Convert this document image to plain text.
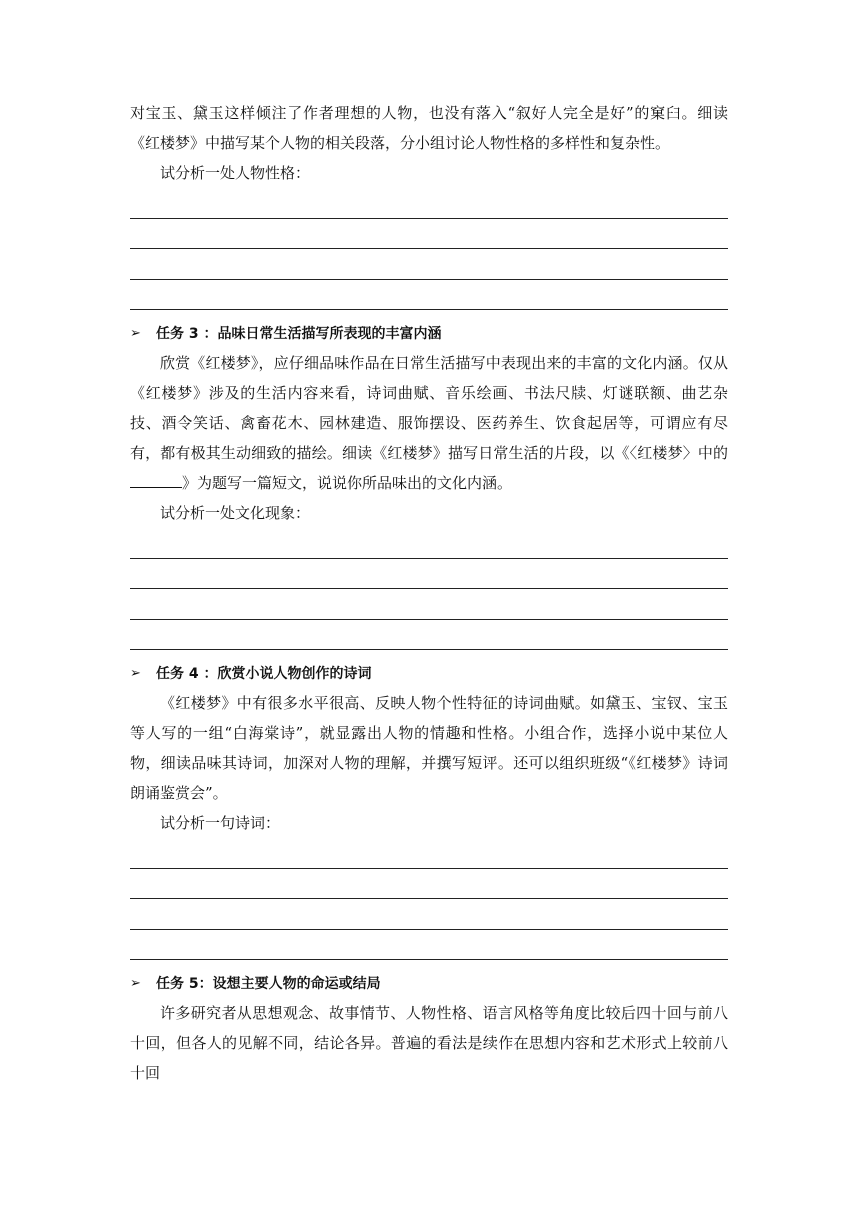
对宝玉、黛玉这样倾注了作者理想的人物，也没有落入“叙好人完全是好”的窠臼。细读《红楼梦》中描写某个人物的相关段落，分小组讨论人物性格的多样性和复杂性。

试分析一处人物性格：

➢	任务 3 ：品味日常生活描写所表现的丰富内涵

欣赏《红楼梦》，应仔细品味作品在日常生活描写中表现出来的丰富的文化内涵。仅从《红楼梦》涉及的生活内容来看，诗词曲赋、音乐绘画、书法尺牍、灯谜联额、曲艺杂技、酒令笑话、禽畜花木、园林建造、服饰摆设、医药养生、饮食起居等，可谓应有尽有，都有极其生动细致的描绘。细读《红楼梦》描写日常生活的片段，以《〈红楼梦〉中的》为题写一篇短文，说说你所品味出的文化内涵。

试分析一处文化现象：

➢	任务 4 ：欣赏小说人物创作的诗词

《红楼梦》中有很多水平很高、反映人物个性特征的诗词曲赋。如黛玉、宝钗、宝玉等人写的一组“白海棠诗”，就显露出人物的情趣和性格。小组合作，选择小说中某位人物，细读品味其诗词，加深对人物的理解，并撰写短评。还可以组织班级“《红楼梦》诗词朗诵鉴赏会”。

试分析一句诗词：

➢	任务 5：设想主要人物的命运或结局

许多研究者从思想观念、故事情节、人物性格、语言风格等角度比较后四十回与前八十回，但各人的见解不同，结论各异。普遍的看法是续作在思想内容和艺术形式上较前八十回
